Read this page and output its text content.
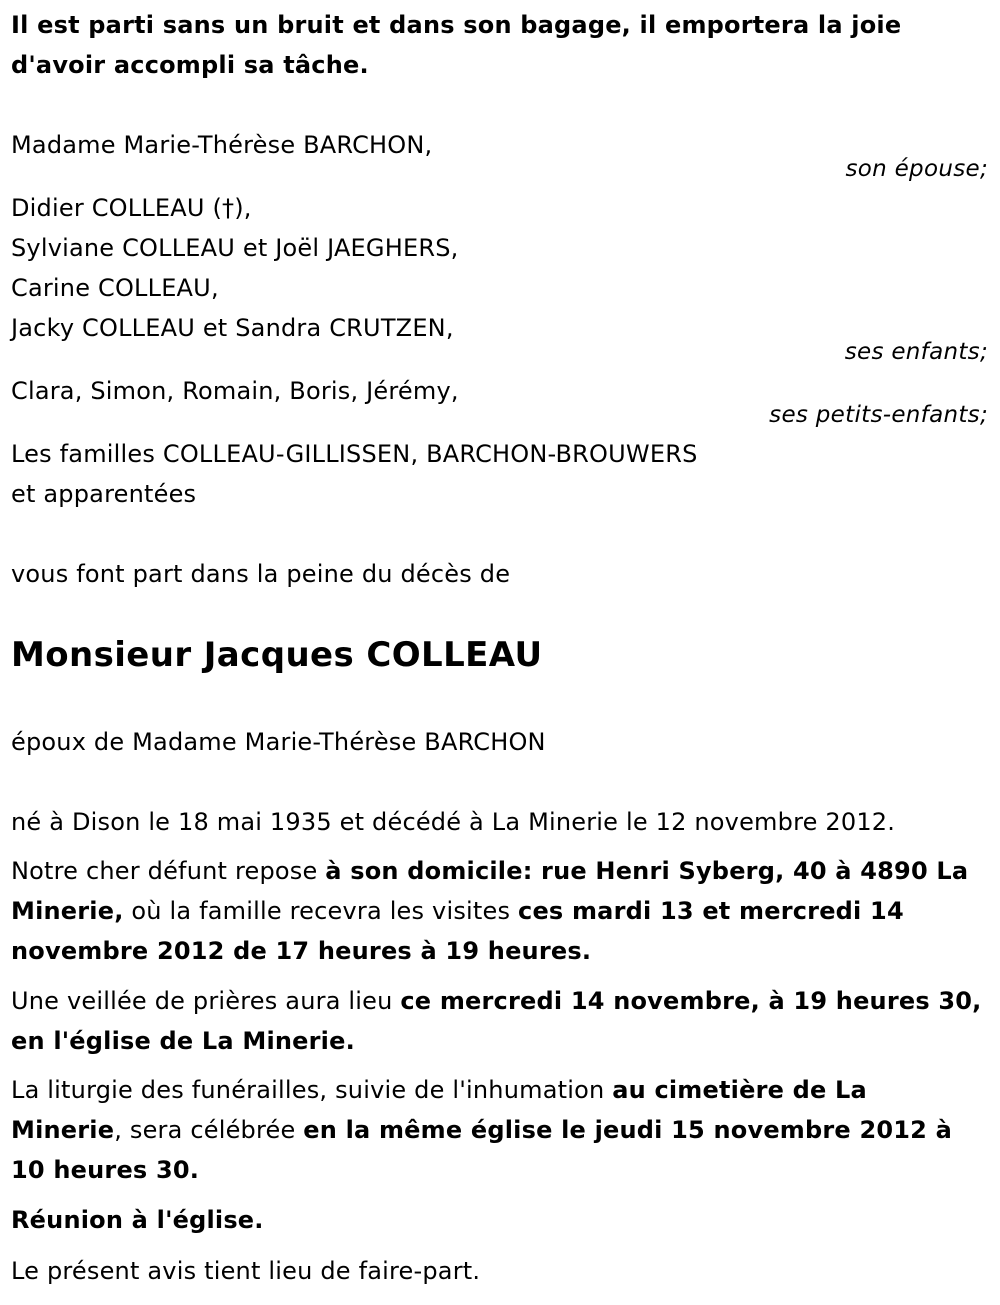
Il est parti sans un bruit et dans son bagage, il emportera la joie
d'avoir accompli sa tâche.
Madame Marie-Thérèse BARCHON,
son épouse;
Didier COLLEAU (†),
Sylviane COLLEAU et Joël JAEGHERS,
Carine COLLEAU,
Jacky COLLEAU et Sandra CRUTZEN,
ses enfants;
Clara, Simon, Romain, Boris, Jérémy,
ses petits-enfants;
Les familles COLLEAU-GILLISSEN, BARCHON-BROUWERS
et apparentées
vous font part dans la peine du décès de
Monsieur Jacques COLLEAU
époux de Madame Marie-Thérèse BARCHON
né à Dison le 18 mai 1935 et décédé à La Minerie le 12 novembre 2012.
Notre cher défunt repose à son domicile: rue Henri Syberg, 40 à 4890 La Minerie, où la famille recevra les visites ces mardi 13 et mercredi 14 novembre 2012 de 17 heures à 19 heures.
Une veillée de prières aura lieu ce mercredi 14 novembre, à 19 heures 30, en l'église de La Minerie.
La liturgie des funérailles, suivie de l'inhumation au cimetière de La Minerie, sera célébrée en la même église le jeudi 15 novembre 2012 à 10 heures 30.
Réunion à l'église.
Le présent avis tient lieu de faire-part.
